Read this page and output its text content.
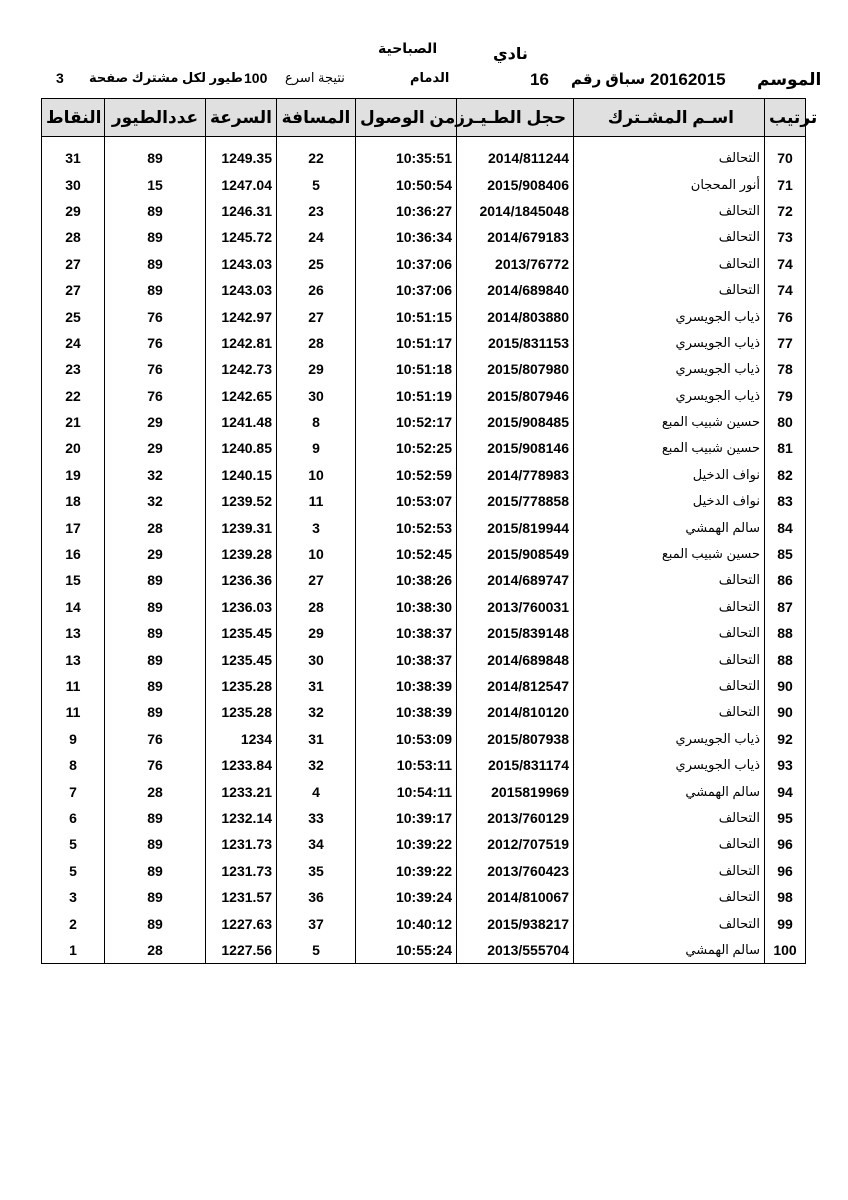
نادي
الصباحية
الموسم
20162015
سباق رقم
16
الدمام
نتيجة اسرع
100
طيور لكل مشترك صفحة
3
النقاط	عددالطيور	السرعة	المسافة	زمن الوصول	حجل الطـيـر	اسـم المشـترك	ترتيب

31	89	1249.35	22	10:35:51	2014/811244	التحالف	70
30	15	1247.04	5	10:50:54	2015/908406	أنور المحجان	71
29	89	1246.31	23	10:36:27	2014/1845048	التحالف	72
28	89	1245.72	24	10:36:34	2014/679183	التحالف	73
27	89	1243.03	25	10:37:06	2013/76772	التحالف	74
27	89	1243.03	26	10:37:06	2014/689840	التحالف	74
25	76	1242.97	27	10:51:15	2014/803880	ذياب الجويسري	76
24	76	1242.81	28	10:51:17	2015/831153	ذياب الجويسري	77
23	76	1242.73	29	10:51:18	2015/807980	ذياب الجويسري	78
22	76	1242.65	30	10:51:19	2015/807946	ذياب الجويسري	79
21	29	1241.48	8	10:52:17	2015/908485	حسين شبيب المبع	80
20	29	1240.85	9	10:52:25	2015/908146	حسين شبيب المبع	81
19	32	1240.15	10	10:52:59	2014/778983	نواف الدخيل	82
18	32	1239.52	11	10:53:07	2015/778858	نواف الدخيل	83
17	28	1239.31	3	10:52:53	2015/819944	سالم الهمشي	84
16	29	1239.28	10	10:52:45	2015/908549	حسين شبيب المبع	85
15	89	1236.36	27	10:38:26	2014/689747	التحالف	86
14	89	1236.03	28	10:38:30	2013/760031	التحالف	87
13	89	1235.45	29	10:38:37	2015/839148	التحالف	88
13	89	1235.45	30	10:38:37	2014/689848	التحالف	88
11	89	1235.28	31	10:38:39	2014/812547	التحالف	90
11	89	1235.28	32	10:38:39	2014/810120	التحالف	90
9	76	1234	31	10:53:09	2015/807938	ذياب الجويسري	92
8	76	1233.84	32	10:53:11	2015/831174	ذياب الجويسري	93
7	28	1233.21	4	10:54:11	2015819969	سالم الهمشي	94
6	89	1232.14	33	10:39:17	2013/760129	التحالف	95
5	89	1231.73	34	10:39:22	2012/707519	التحالف	96
5	89	1231.73	35	10:39:22	2013/760423	التحالف	96
3	89	1231.57	36	10:39:24	2014/810067	التحالف	98
2	89	1227.63	37	10:40:12	2015/938217	التحالف	99
1	28	1227.56	5	10:55:24	2013/555704	سالم الهمشي	100
